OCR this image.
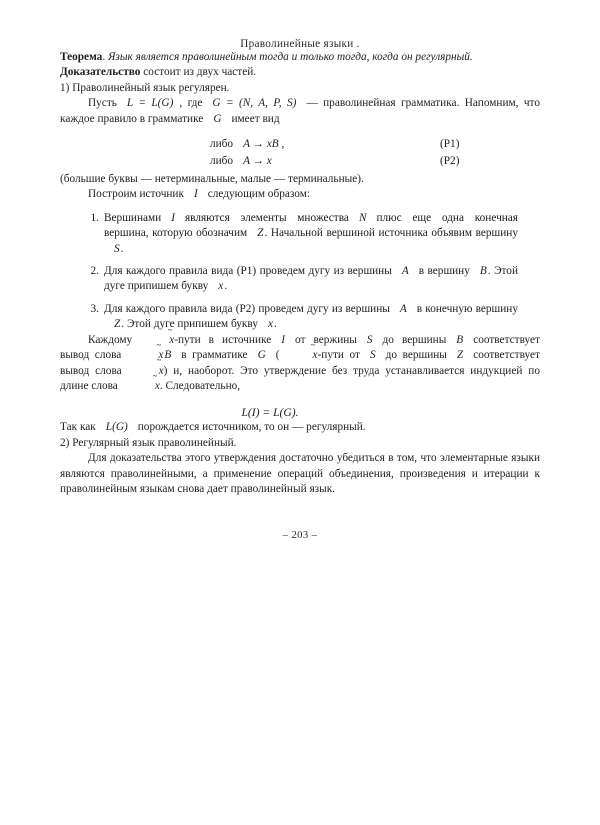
Праволинейные языки .

Теорема. Язык является праволинейным тогда и только тогда, когда он регулярный.

Доказательство состоит из двух частей.

1) Праволинейный язык регулярен.

Пусть L = L(G) , где G = (N, A, P, S) — праволинейная грамматика. Напомним, что каждое правило в грамматике G имеет вид

либо A → xB ,	(P1)
либо A → x	(P2)

(большие буквы — нетерминальные, малые — терминальные).

Построим источник I следующим образом:

1. Вершинами I являются элементы множества N плюс еще одна конечная вершина, которую обозначим Z. Начальной вершиной источника объявим вершинуS.
2. Для каждого правила вида (P1) проведем дугу из вершины A в вершину B. Этой дуге припишем букву x.
3. Для каждого правила вида (P2) проведем дугу из вершины A в конечную вершинуZ. Этой дуге припишем букву x.

Каждому	~ x-пути в источнике I от вержины S до вершины B соответствует вывод слова	~ xB в грамматике G (	~ x-пути от S до вершины Z соответствует вывод слова	~ x) и, наоборот. Это утверждение без труда устанавливается индукцией по длине слова	~ x. Следовательно,

L(I) = L(G).

Так как L(G) порождается источником, то он — регулярный.

2) Регулярный язык праволинейный.

Для доказательства этого утверждения достаточно убедиться в том, что элементарные языки являются праволинейными, а применение операций объединения, произведения и итерации к праволинейным языкам снова дает праволинейный язык.

– 203 –
